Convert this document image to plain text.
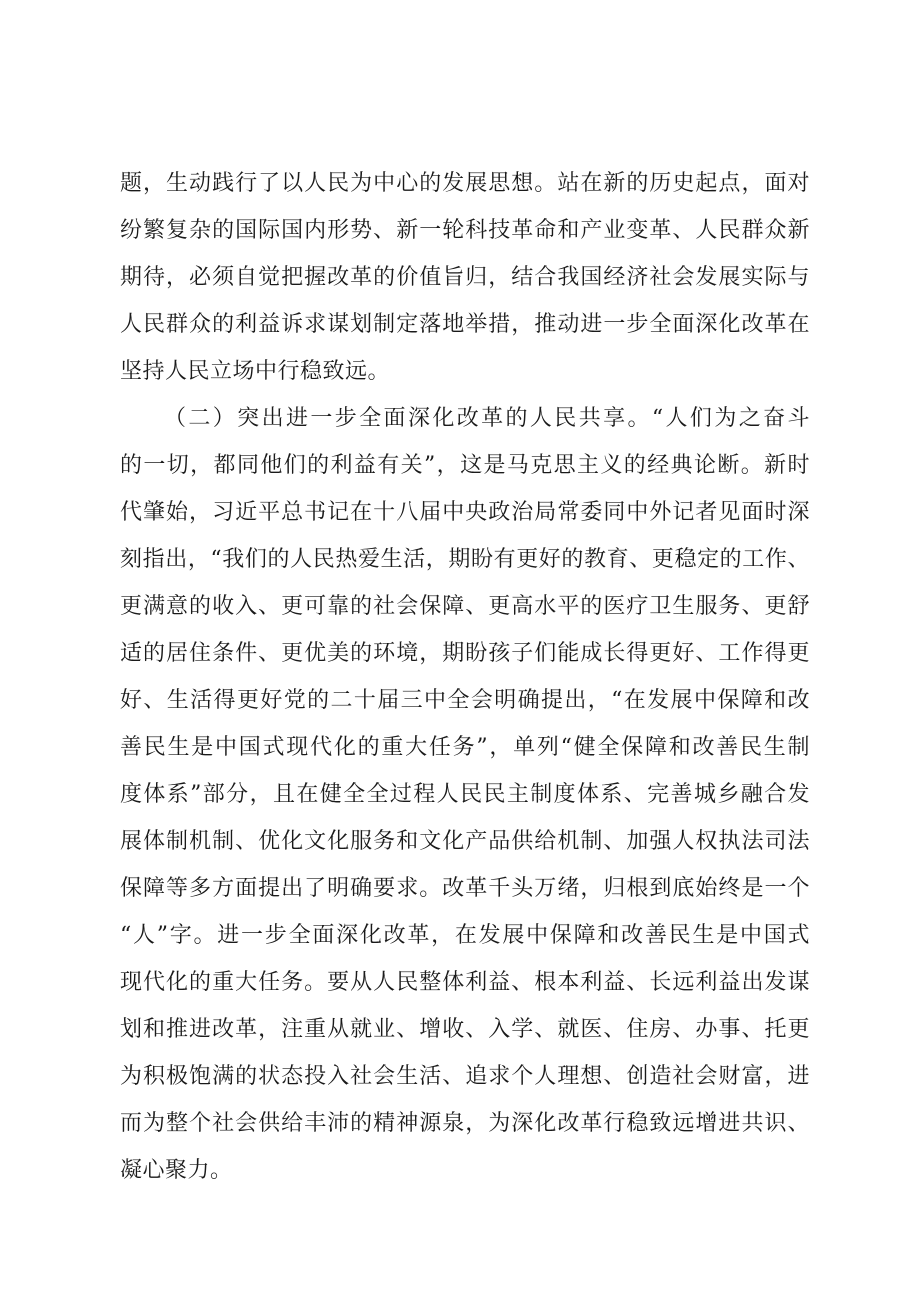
题，生动践行了以人民为中心的发展思想。站在新的历史起点，面对
纷繁复杂的国际国内形势、新一轮科技革命和产业变革、人民群众新
期待，必须自觉把握改革的价值旨归，结合我国经济社会发展实际与
人民群众的利益诉求谋划制定落地举措，推动进一步全面深化改革在
坚持人民立场中行稳致远。
（二）突出进一步全面深化改革的人民共享。“人们为之奋斗
的一切，都同他们的利益有关”，这是马克思主义的经典论断。新时
代肇始，习近平总书记在十八届中央政治局常委同中外记者见面时深
刻指出，“我们的人民热爱生活，期盼有更好的教育、更稳定的工作、
更满意的收入、更可靠的社会保障、更高水平的医疗卫生服务、更舒
适的居住条件、更优美的环境，期盼孩子们能成长得更好、工作得更
好、生活得更好党的二十届三中全会明确提出，“在发展中保障和改
善民生是中国式现代化的重大任务”，单列“健全保障和改善民生制
度体系”部分，且在健全全过程人民民主制度体系、完善城乡融合发
展体制机制、优化文化服务和文化产品供给机制、加强人权执法司法
保障等多方面提出了明确要求。改革千头万绪，归根到底始终是一个
“人”字。进一步全面深化改革，在发展中保障和改善民生是中国式
现代化的重大任务。要从人民整体利益、根本利益、长远利益出发谋
划和推进改革，注重从就业、增收、入学、就医、住房、办事、托更
为积极饱满的状态投入社会生活、追求个人理想、创造社会财富，进
而为整个社会供给丰沛的精神源泉，为深化改革行稳致远增进共识、
凝心聚力。
